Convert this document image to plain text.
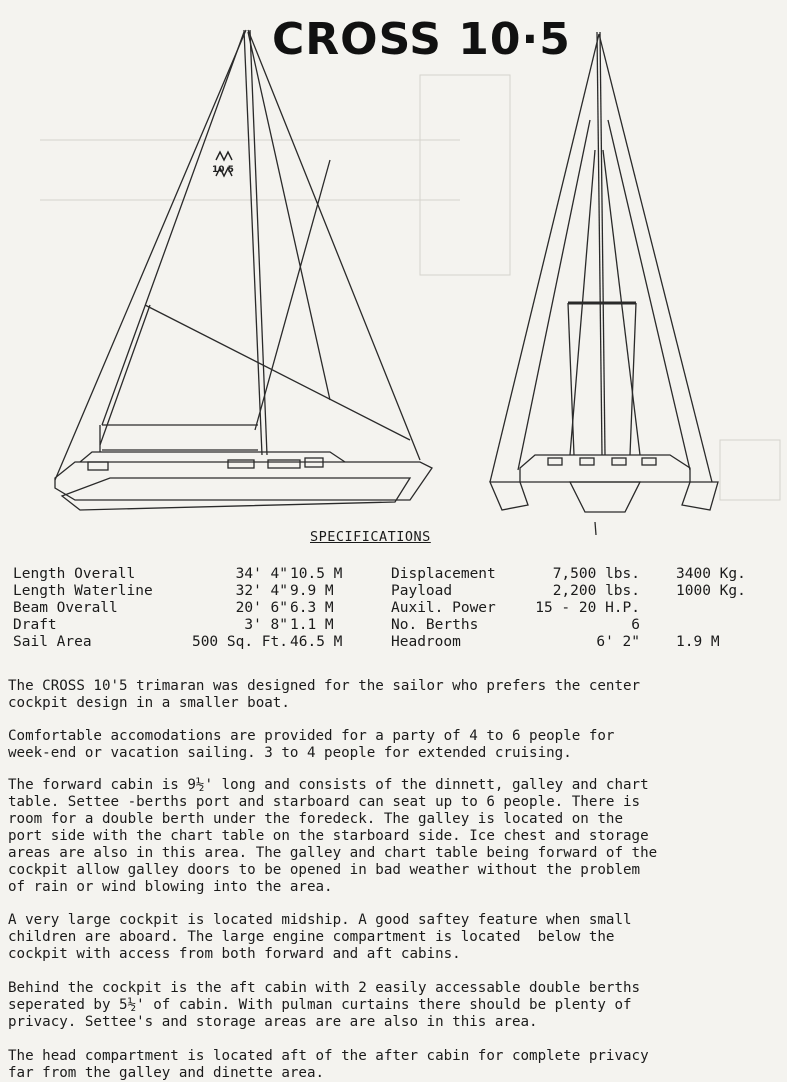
CROSS 10·5
10 5
SPECIFICATIONS
Length Overall	34' 4" 10.5 M
Length Waterline	32' 4" 9.9 M
Beam Overall	20' 6" 6.3 M
Draft	3' 8" 1.1 M
Sail Area	500 Sq. Ft. 46.5 M
Displacement	7,500 lbs. 3400 Kg.
Payload	2,200 lbs. 1000 Kg.
Auxil. Power	15 - 20 H.P.
No. Berths	6
Headroom	6' 2" 1.9 M
The CROSS 10'5 trimaran was designed for the sailor who prefers the center
cockpit design in a smaller boat.
Comfortable accomodations are provided for a party of 4 to 6 people for
week-end or vacation sailing. 3 to 4 people for extended cruising.
The forward cabin is 9½' long and consists of the dinnett, galley and chart
table. Settee -berths port and starboard can seat up to 6 people. There is
room for a double berth under the foredeck. The galley is located on the
port side with the chart table on the starboard side. Ice chest and storage
areas are also in this area. The galley and chart table being forward of the
cockpit allow galley doors to be opened in bad weather without the problem
of rain or wind blowing into the area.
A very large cockpit is located midship. A good saftey feature when small
children are aboard. The large engine compartment is located  below the
cockpit with access from both forward and aft cabins.
Behind the cockpit is the aft cabin with 2 easily accessable double berths
seperated by 5½' of cabin. With pulman curtains there should be plenty of
privacy. Settee's and storage areas are are also in this area.
The head compartment is located aft of the after cabin for complete privacy
far from the galley and dinette area.
